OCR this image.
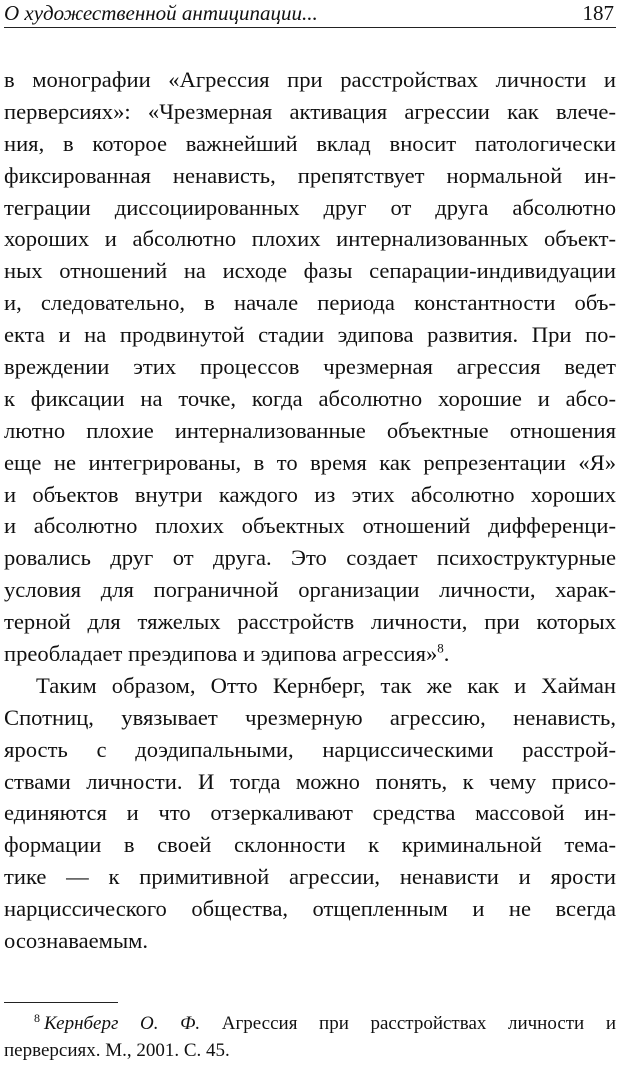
О художественной антиципации...	187
в монографии «Агрессия при расстройствах личности и
перверсиях»: «Чрезмерная активация агрессии как влече-
ния, в которое важнейший вклад вносит патологически
фиксированная ненависть, препятствует нормальной ин-
теграции диссоциированных друг от друга абсолютно
хороших и абсолютно плохих интернализованных объект-
ных отношений на исходе фазы сепарации-индивидуации
и, следовательно, в начале периода константности объ-
екта и на продвинутой стадии эдипова развития. При по-
вреждении этих процессов чрезмерная агрессия ведет
к фиксации на точке, когда абсолютно хорошие и абсо-
лютно плохие интернализованные объектные отношения
еще не интегрированы, в то время как репрезентации «Я»
и объектов внутри каждого из этих абсолютно хороших
и абсолютно плохих объектных отношений дифференци-
ровались друг от друга. Это создает психоструктурные
условия для пограничной организации личности, харак-
терной для тяжелых расстройств личности, при которых
преобладает преэдипова и эдипова агрессия»$^8$.
Таким образом, Отто Кернберг, так же как и Хайман
Спотниц, увязывает чрезмерную агрессию, ненависть,
ярость с доэдипальными, нарциссическими расстрой-
ствами личности. И тогда можно понять, к чему присо-
единяются и что отзеркаливают средства массовой ин-
формации в своей склонности к криминальной тема-
тике — к примитивной агрессии, ненависти и ярости
нарциссического общества, отщепленным и не всегда
осознаваемым.
$^8$ Кернберг О. Ф. Агрессия при расстройствах личности и
перверсиях. М., 2001. С. 45.
